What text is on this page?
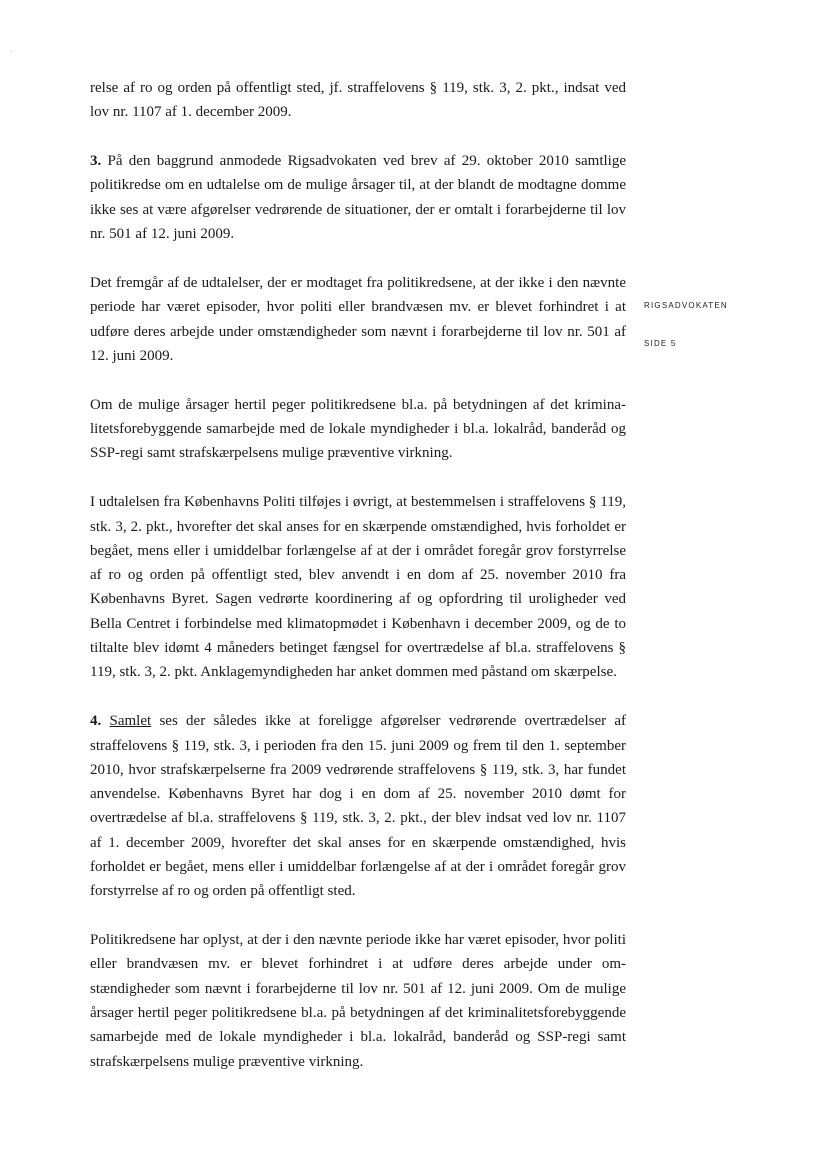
,

relse af ro og orden på offentligt sted, jf. straffelovens § 119, stk. 3, 2. pkt., indsat ved lov nr. 1107 af 1. december 2009.

3. På den baggrund anmodede Rigsadvokaten ved brev af 29. oktober 2010 samtlige politikredse om en udtalelse om de mulige årsager til, at der blandt de modtagne domme ikke ses at være afgørelser vedrørende de situationer, der er omtalt i forarbejderne til lov nr. 501 af 12. juni 2009.

Det fremgår af de udtalelser, der er modtaget fra politikredsene, at der ikke i den nævnte periode har været episoder, hvor politi eller brandvæsen mv. er blevet forhindret i at udføre deres arbejde under omstændigheder som nævnt i forarbejderne til lov nr. 501 af 12. juni 2009.

Om de mulige årsager hertil peger politikredsene bl.a. på betydningen af det kriminalitetsforebyggende samarbejde med de lokale myndigheder i bl.a. lokalråd, banderåd og SSP-regi samt strafskærpelsens mulige præventive virkning.

I udtalelsen fra Københavns Politi tilføjes i øvrigt, at bestemmelsen i straffelovens § 119, stk. 3, 2. pkt., hvorefter det skal anses for en skærpende omstændighed, hvis forholdet er begået, mens eller i umiddelbar forlængelse af at der i området foregår grov forstyrrelse af ro og orden på offentligt sted, blev anvendt i en dom af 25. november 2010 fra Københavns Byret. Sagen vedrørte koordinering af og opfordring til uroligheder ved Bella Centret i forbindelse med klimatopmødet i København i december 2009, og de to tiltalte blev idømt 4 måneders betinget fængsel for overtrædelse af bl.a. straffelovens § 119, stk. 3, 2. pkt. Anklagemyndigheden har anket dommen med påstand om skærpelse.

4. Samlet ses der således ikke at foreligge afgørelser vedrørende overtrædelser af straffelovens § 119, stk. 3, i perioden fra den 15. juni 2009 og frem til den 1. september 2010, hvor strafskærpelserne fra 2009 vedrørende straffelovens § 119, stk. 3, har fundet anvendelse. Københavns Byret har dog i en dom af 25. november 2010 dømt for overtrædelse af bl.a. straffelovens § 119, stk. 3, 2. pkt., der blev indsat ved lov nr. 1107 af 1. december 2009, hvorefter det skal anses for en skærpende omstændighed, hvis forholdet er begået, mens eller i umiddelbar forlængelse af at der i området foregår grov forstyrrelse af ro og orden på offentligt sted.

Politikredsene har oplyst, at der i den nævnte periode ikke har været episoder, hvor politi eller brandvæsen mv. er blevet forhindret i at udføre deres arbejde under omstændigheder som nævnt i forarbejderne til lov nr. 501 af 12. juni 2009. Om de mulige årsager hertil peger politikredsene bl.a. på betydningen af det kriminalitetsforebyggende samarbejde med de lokale myndigheder i bl.a. lokalråd, banderåd og SSP-regi samt strafskærpelsens mulige præventive virkning.

RIGSADVOKATEN
SIDE 5
